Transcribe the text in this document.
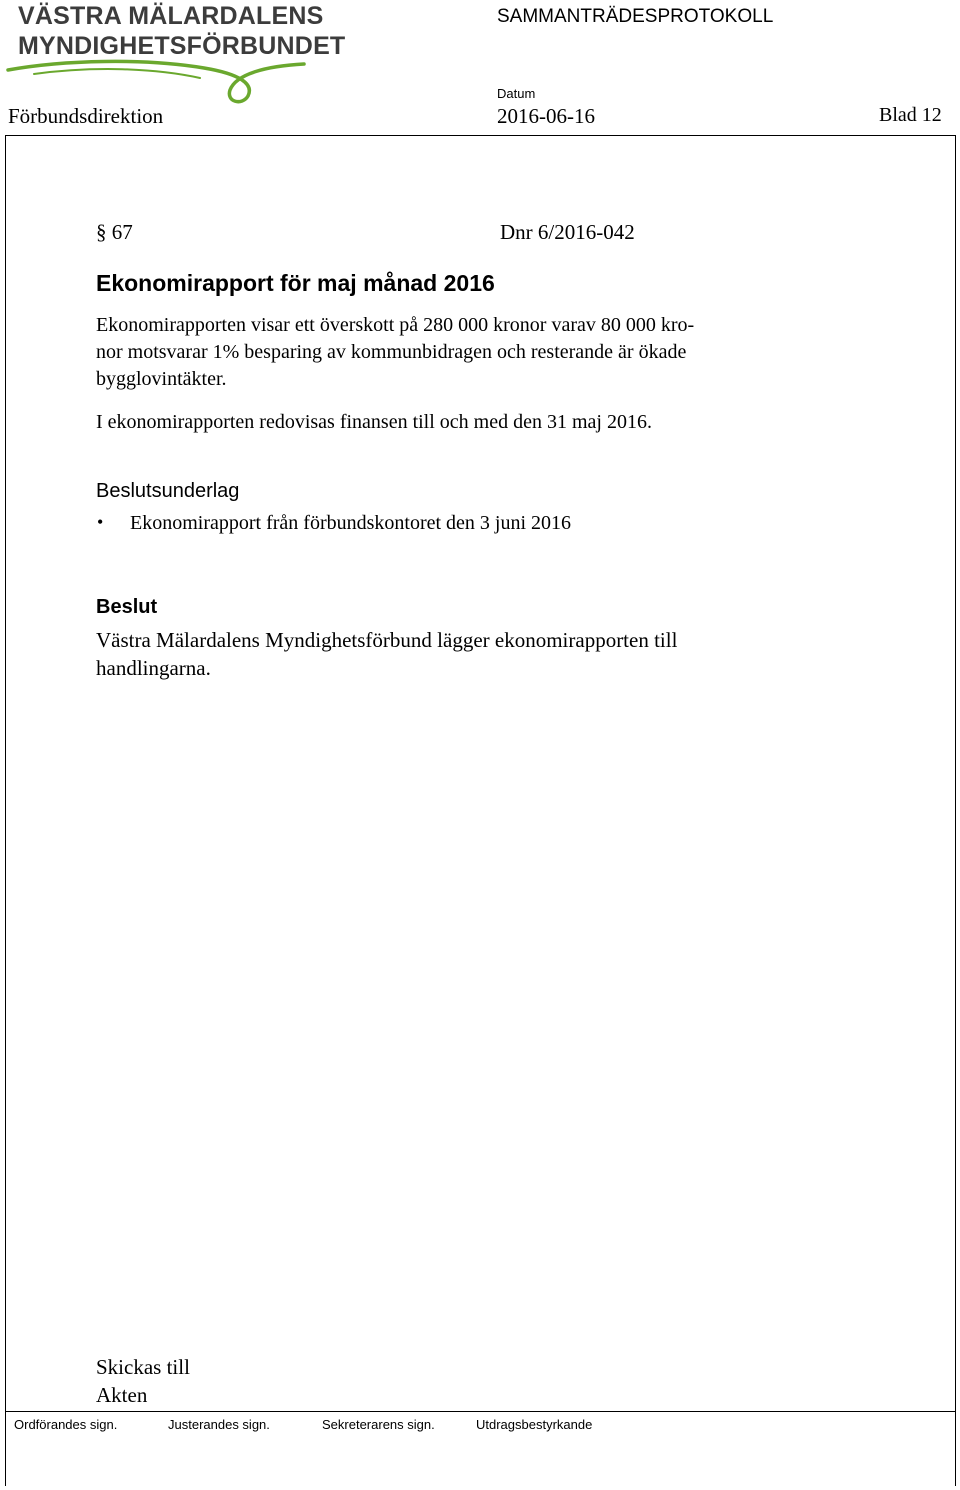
VÄSTRA MÄLARDALENS
MYNDIGHETSFÖRBUNDET
SAMMANTRÄDESPROTOKOLL
Datum
Förbundsdirektion	2016-06-16	Blad 12
§ 67	Dnr 6/2016-042
Ekonomirapport för maj månad 2016
Ekonomirapporten visar ett överskott på 280 000 kronor varav 80 000 kro-
nor motsvarar 1% besparing av kommunbidragen och resterande är ökade
bygglovintäkter.
I ekonomirapporten redovisas finansen till och med den 31 maj 2016.
Beslutsunderlag
• Ekonomirapport från förbundskontoret den 3 juni 2016
Beslut
Västra Mälardalens Myndighetsförbund lägger ekonomirapporten till
handlingarna.
Skickas till
Akten
Ordförandes sign.	Justerandes sign.	Sekreterarens sign.	Utdragsbestyrkande
